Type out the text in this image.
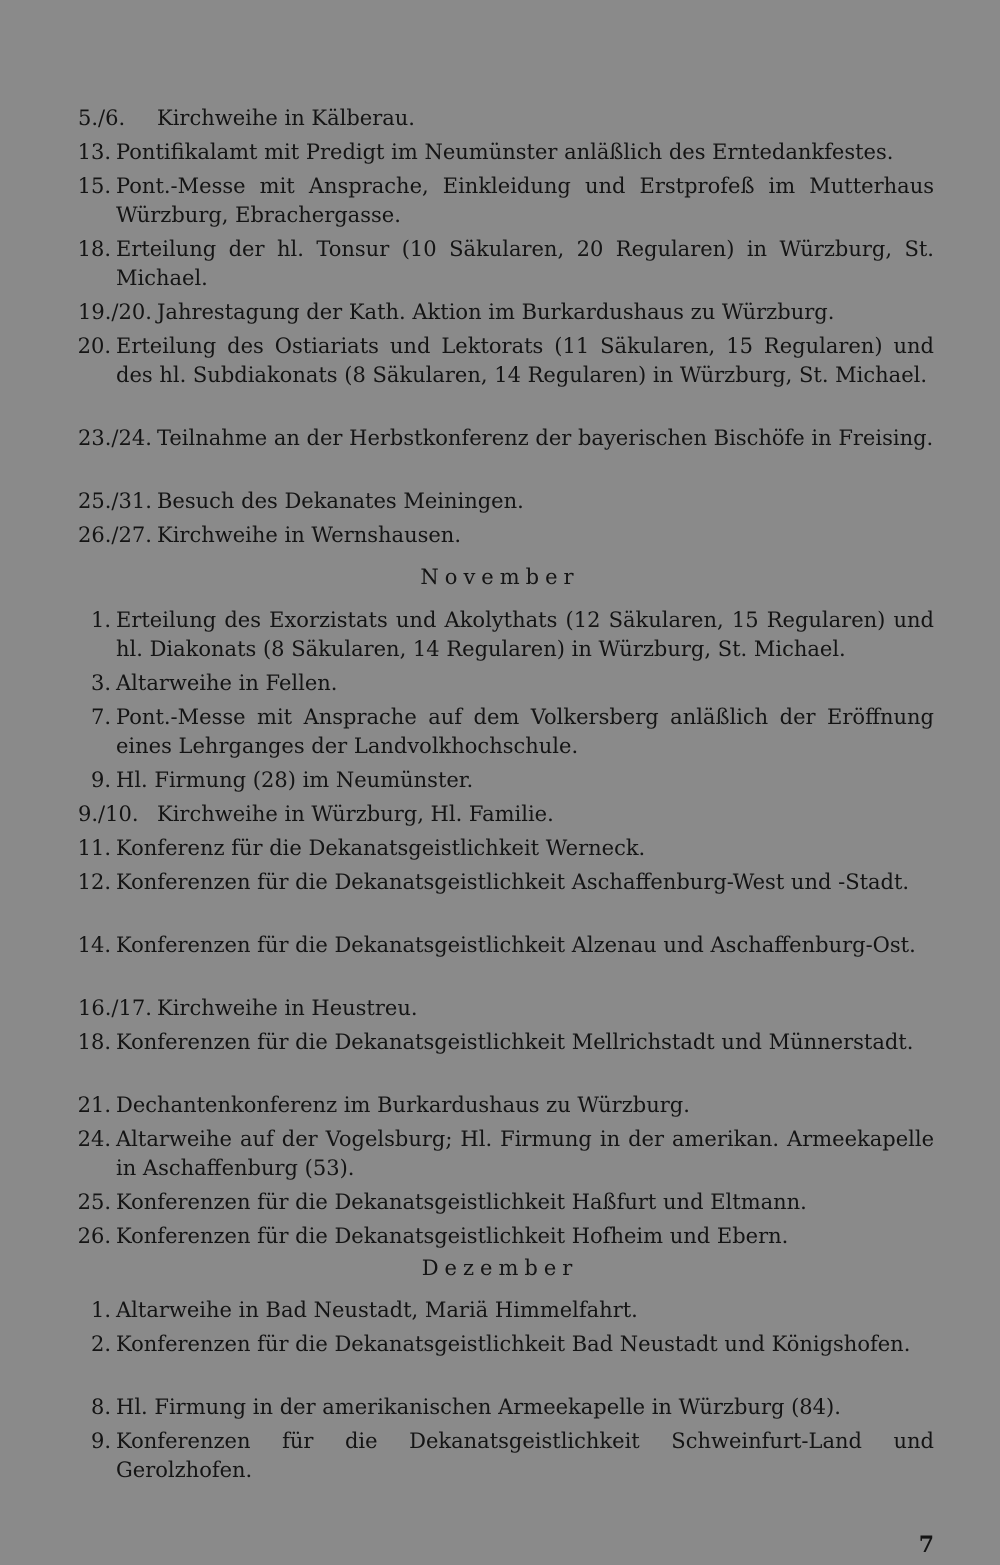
5./6. Kirchweihe in Kälberau.
13. Pontifikalamt mit Predigt im Neumünster anläßlich des Erntedankfestes.
15. Pont.-Messe mit Ansprache, Einkleidung und Erstprofeß im Mutterhaus Würzburg, Ebrachergasse.
18. Erteilung der hl. Tonsur (10 Säkularen, 20 Regularen) in Würzburg, St. Michael.
19./20. Jahrestagung der Kath. Aktion im Burkardushaus zu Würzburg.
20. Erteilung des Ostiariats und Lektorats (11 Säkularen, 15 Regularen) und des hl. Subdiakonats (8 Säkularen, 14 Regularen) in Würzburg, St. Michael.
23./24. Teilnahme an der Herbstkonferenz der bayerischen Bischöfe in Freising.
25./31. Besuch des Dekanates Meiningen.
26./27. Kirchweihe in Wernshausen.
November
1. Erteilung des Exorzistats und Akolythats (12 Säkularen, 15 Regularen) und hl. Diakonats (8 Säkularen, 14 Regularen) in Würzburg, St. Michael.
3. Altarweihe in Fellen.
7. Pont.-Messe mit Ansprache auf dem Volkersberg anläßlich der Eröffnung eines Lehrganges der Landvolkhochschule.
9. Hl. Firmung (28) im Neumünster.
9./10. Kirchweihe in Würzburg, Hl. Familie.
11. Konferenz für die Dekanatsgeistlichkeit Werneck.
12. Konferenzen für die Dekanatsgeistlichkeit Aschaffenburg-West und -Stadt.
14. Konferenzen für die Dekanatsgeistlichkeit Alzenau und Aschaffenburg-Ost.
16./17. Kirchweihe in Heustreu.
18. Konferenzen für die Dekanatsgeistlichkeit Mellrichstadt und Münnerstadt.
21. Dechantenkonferenz im Burkardushaus zu Würzburg.
24. Altarweihe auf der Vogelsburg; Hl. Firmung in der amerikan. Armeekapelle in Aschaffenburg (53).
25. Konferenzen für die Dekanatsgeistlichkeit Haßfurt und Eltmann.
26. Konferenzen für die Dekanatsgeistlichkeit Hofheim und Ebern.
Dezember
1. Altarweihe in Bad Neustadt, Mariä Himmelfahrt.
2. Konferenzen für die Dekanatsgeistlichkeit Bad Neustadt und Königshofen.
8. Hl. Firmung in der amerikanischen Armeekapelle in Würzburg (84).
9. Konferenzen für die Dekanatsgeistlichkeit Schweinfurt-Land und Gerolzhofen.
7
